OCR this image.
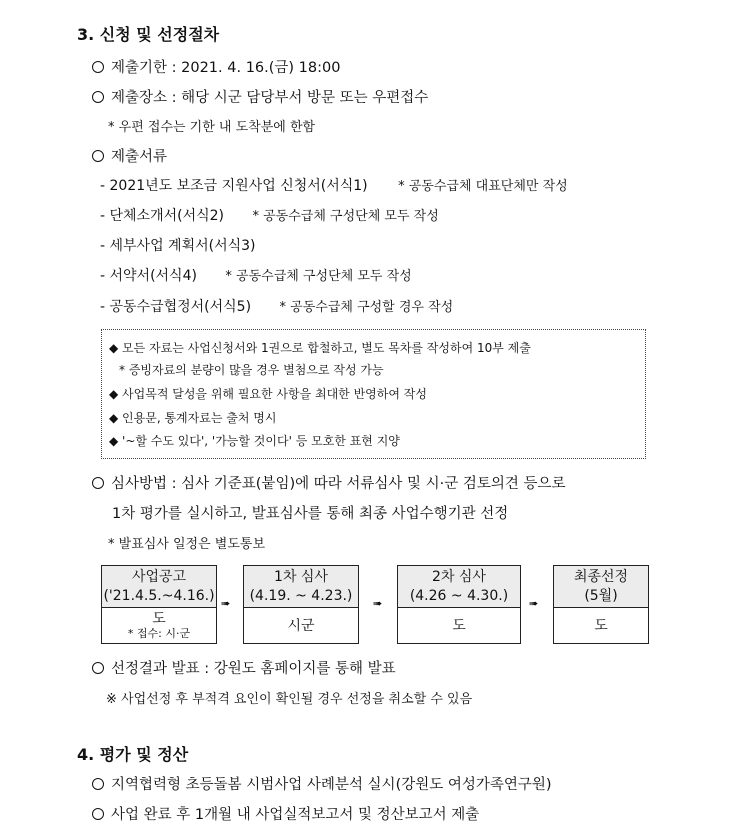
3. 신청 및 선정절차
제출기한 : 2021. 4. 16.(금) 18:00
제출장소 : 해당 시군 담당부서 방문 또는 우편접수
* 우편 접수는 기한 내 도착분에 한함
제출서류
- 2021년도 보조금 지원사업 신청서(서식1) * 공동수급체 대표단체만 작성
- 단체소개서(서식2) * 공동수급체 구성단체 모두 작성
- 세부사업 계획서(서식3)
- 서약서(서식4) * 공동수급체 구성단체 모두 작성
- 공동수급협정서(서식5) * 공동수급체 구성할 경우 작성
◆ 모든 자료는 사업신청서와 1권으로 합철하고, 별도 목차를 작성하여 10부 제출
* 증빙자료의 분량이 많을 경우 별첨으로 작성 가능
◆ 사업목적 달성을 위해 필요한 사항을 최대한 반영하여 작성
◆ 인용문, 통계자료는 출처 명시
◆ '~할 수도 있다', '가능할 것이다' 등 모호한 표현 지양
심사방법 : 심사 기준표(붙임)에 따라 서류심사 및 시·군 검토의견 등으로
1차 평가를 실시하고, 발표심사를 통해 최종 사업수행기관 선정
* 발표심사 일정은 별도통보
사업공고
('21.4.5.~4.16.)
도
* 접수: 시·군
➠
1차 심사
(4.19. ~ 4.23.)
시군
➠
2차 심사
(4.26 ~ 4.30.)
도
➠
최종선정
(5월)
도
선정결과 발표 : 강원도 홈페이지를 통해 발표
※ 사업선정 후 부적격 요인이 확인될 경우 선정을 취소할 수 있음
4. 평가 및 정산
지역협력형 초등돌봄 시범사업 사례분석 실시(강원도 여성가족연구원)
사업 완료 후 1개월 내 사업실적보고서 및 정산보고서 제출
